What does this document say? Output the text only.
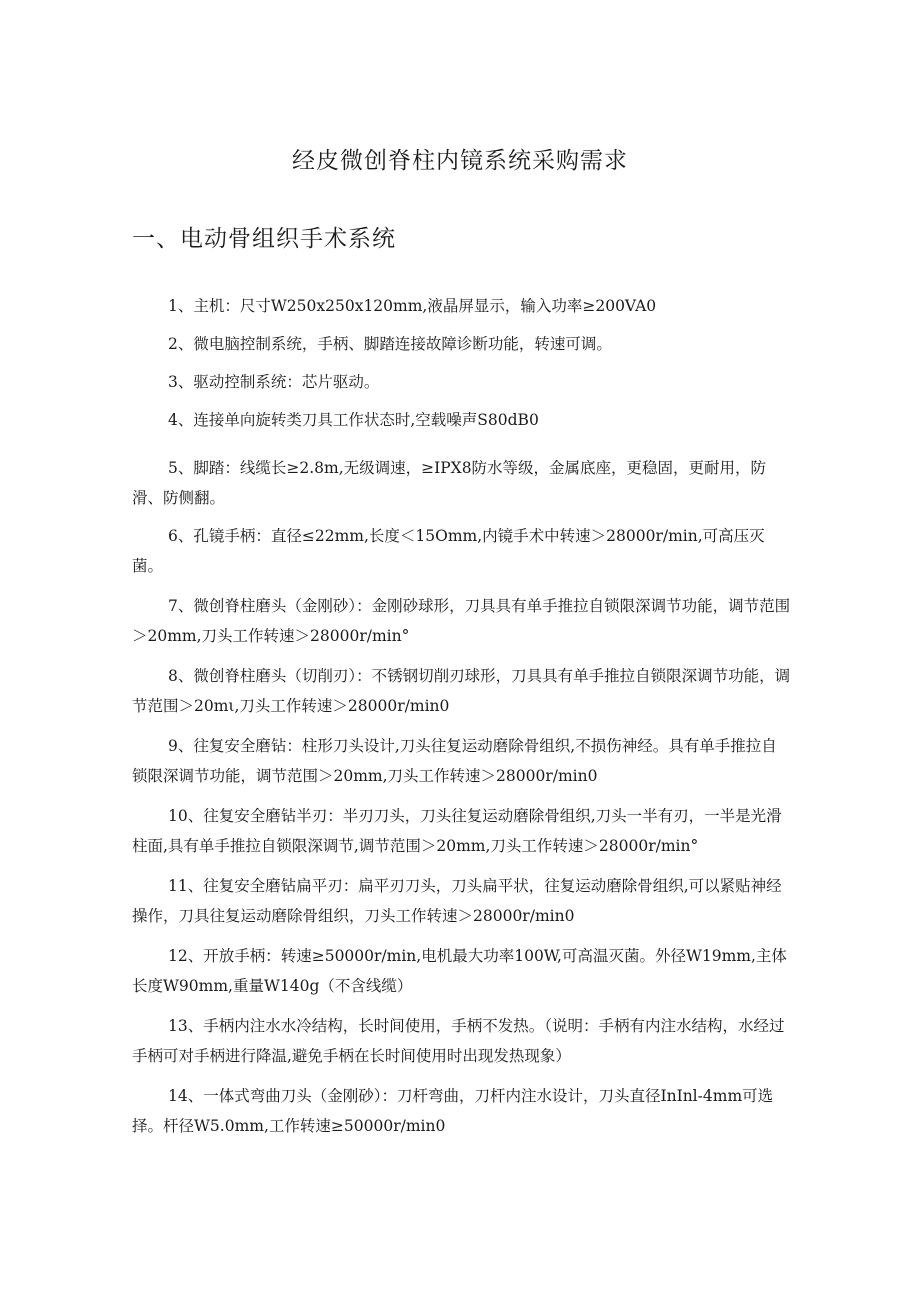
经皮微创脊柱内镜系统采购需求
一、电动骨组织手术系统

1、主机：尺寸W250x250x120mm,液晶屏显示，输入功率≥200VA0

2、微电脑控制系统，手柄、脚踏连接故障诊断功能，转速可调。

3、驱动控制系统：芯片驱动。

4、连接单向旋转类刀具工作状态时,空载噪声S80dB0

5、脚踏：线缆长≥2.8m,无级调速，≥IPX8防水等级，金属底座，更稳固，更耐用，防滑、防侧翻。

6、孔镜手柄：直径≤22mm,长度＜15Omm,内镜手术中转速＞28000r/min,可高压灭菌。

7、微创脊柱磨头（金刚砂）：金刚砂球形，刀具具有单手推拉自锁限深调节功能，调节范围＞20mm,刀头工作转速＞28000r/min°

8、微创脊柱磨头（切削刃）：不锈钢切削刃球形，刀具具有单手推拉自锁限深调节功能，调节范围＞20mι,刀头工作转速＞28000r/min0

9、往复安全磨钻：柱形刀头设计,刀头往复运动磨除骨组织,不损伤神经。具有单手推拉自锁限深调节功能，调节范围＞20mm,刀头工作转速＞28000r/min0

10、往复安全磨钻半刃：半刃刀头，刀头往复运动磨除骨组织,刀头一半有刃，一半是光滑柱面,具有单手推拉自锁限深调节,调节范围＞20mm,刀头工作转速＞28000r/min°

11、往复安全磨钻扁平刃：扁平刃刀头，刀头扁平状，往复运动磨除骨组织,可以紧贴神经操作，刀具往复运动磨除骨组织，刀头工作转速＞28000r/min0

12、开放手柄：转速≥50000r/min,电机最大功率100W,可高温灭菌。外径W19mm,主体长度W90mm,重量W140g（不含线缆）

13、手柄内注水水冷结构，长时间使用，手柄不发热。（说明：手柄有内注水结构，水经过手柄可对手柄进行降温,避免手柄在长时间使用时出现发热现象）

14、一体式弯曲刀头（金刚砂）：刀杆弯曲，刀杆内注水设计，刀头直径InInl-4mm可选择。杆径W5.0mm,工作转速≥50000r/min0
